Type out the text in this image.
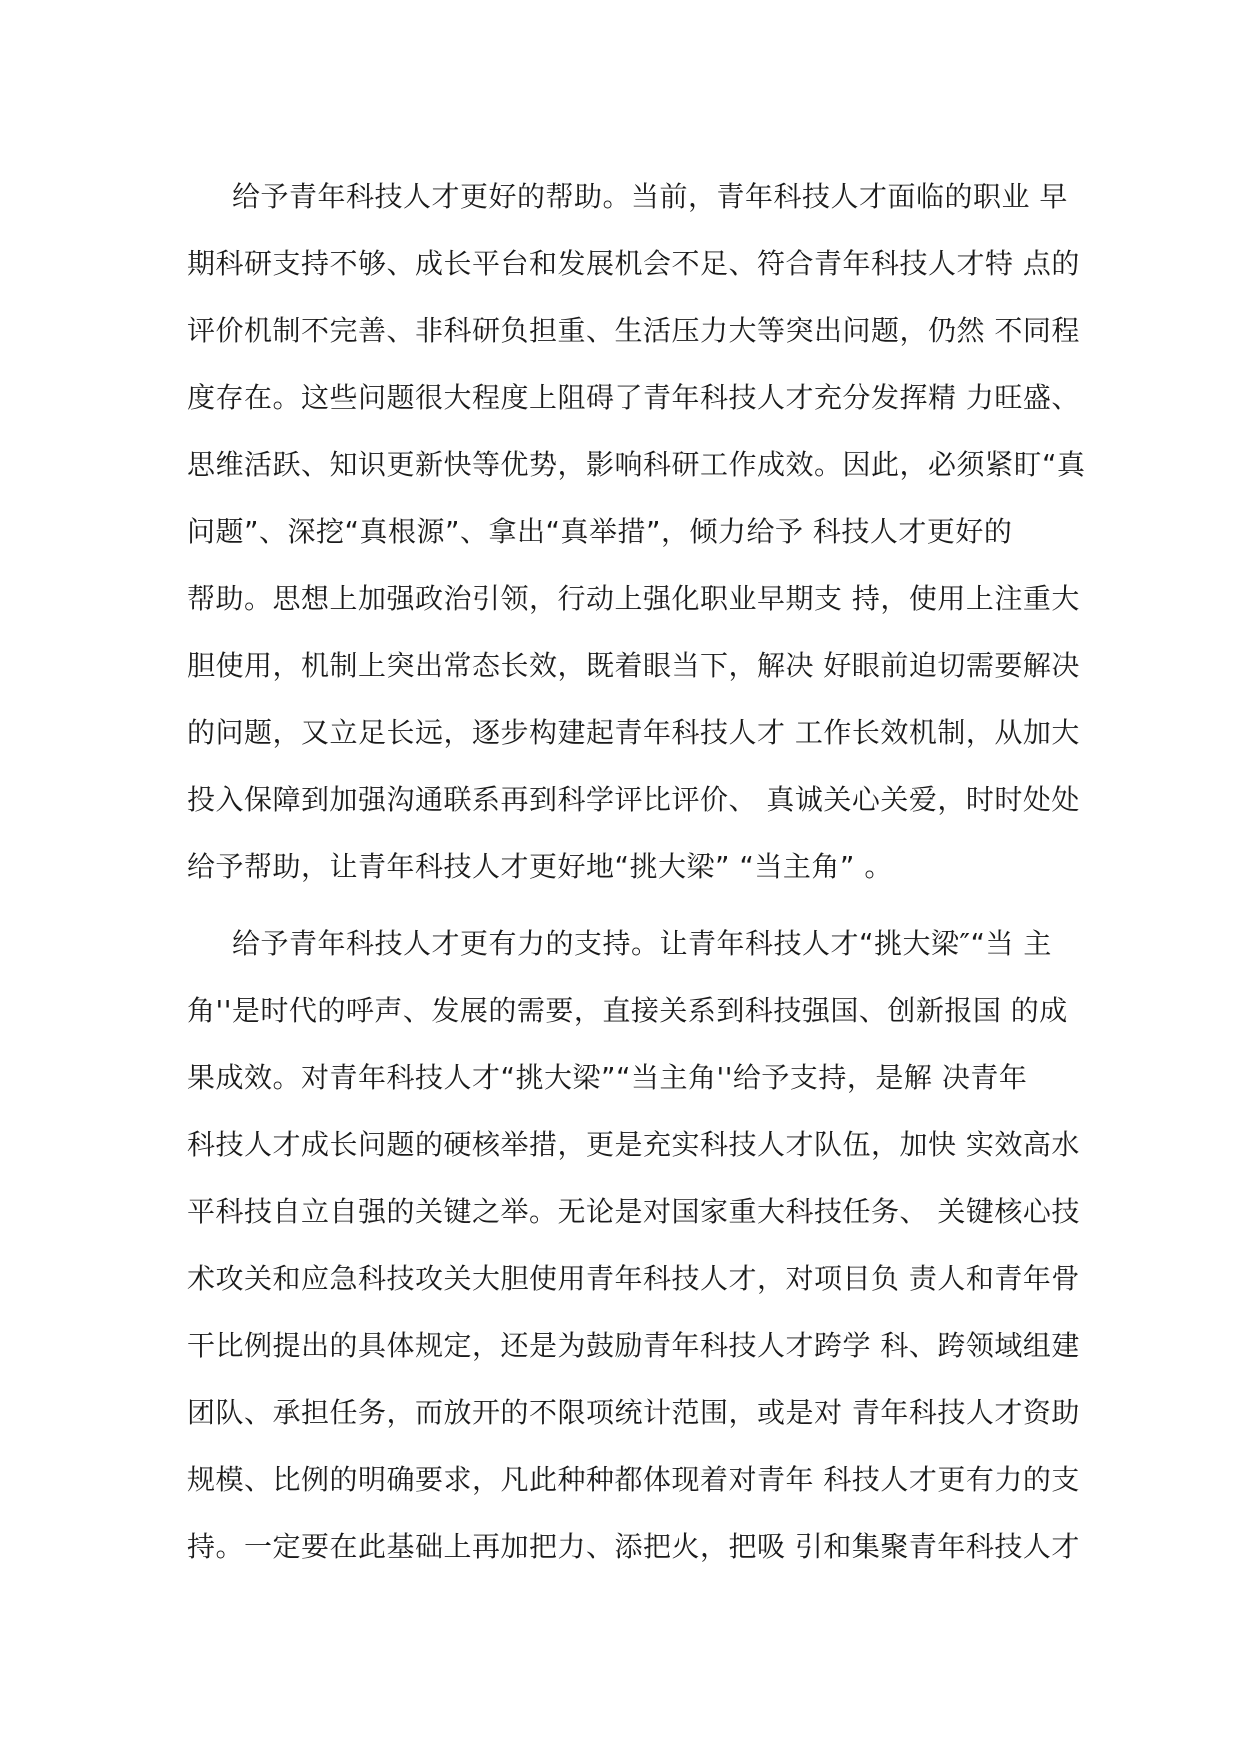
给予青年科技人才更好的帮助。当前，青年科技人才面临的职业 早
期科研支持不够、成长平台和发展机会不足、符合青年科技人才特 点的
评价机制不完善、非科研负担重、生活压力大等突出问题，仍然 不同程
度存在。这些问题很大程度上阻碍了青年科技人才充分发挥精 力旺盛、
思维活跃、知识更新快等优势，影响科研工作成效。因此，必须紧盯“真
问题”、深挖“真根源”、拿出“真举措”，倾力给予 科技人才更好的
帮助。思想上加强政治引领，行动上强化职业早期支 持，使用上注重大
胆使用，机制上突出常态长效，既着眼当下，解决 好眼前迫切需要解决
的问题，又立足长远，逐步构建起青年科技人才 工作长效机制，从加大
投入保障到加强沟通联系再到科学评比评价、 真诚关心关爱，时时处处
给予帮助，让青年科技人才更好地“挑大梁” “当主角” 。
给予青年科技人才更有力的支持。让青年科技人才“挑大梁″“当 主
角''是时代的呼声、发展的需要，直接关系到科技强国、创新报国 的成
果成效。对青年科技人才“挑大梁”“当主角''给予支持，是解 决青年
科技人才成长问题的硬核举措，更是充实科技人才队伍，加快 实效高水
平科技自立自强的关键之举。无论是对国家重大科技任务、 关键核心技
术攻关和应急科技攻关大胆使用青年科技人才，对项目负 责人和青年骨
干比例提出的具体规定，还是为鼓励青年科技人才跨学 科、跨领域组建
团队、承担任务，而放开的不限项统计范围，或是对 青年科技人才资助
规模、比例的明确要求，凡此种种都体现着对青年 科技人才更有力的支
持。一定要在此基础上再加把力、添把火，把吸 引和集聚青年科技人才
